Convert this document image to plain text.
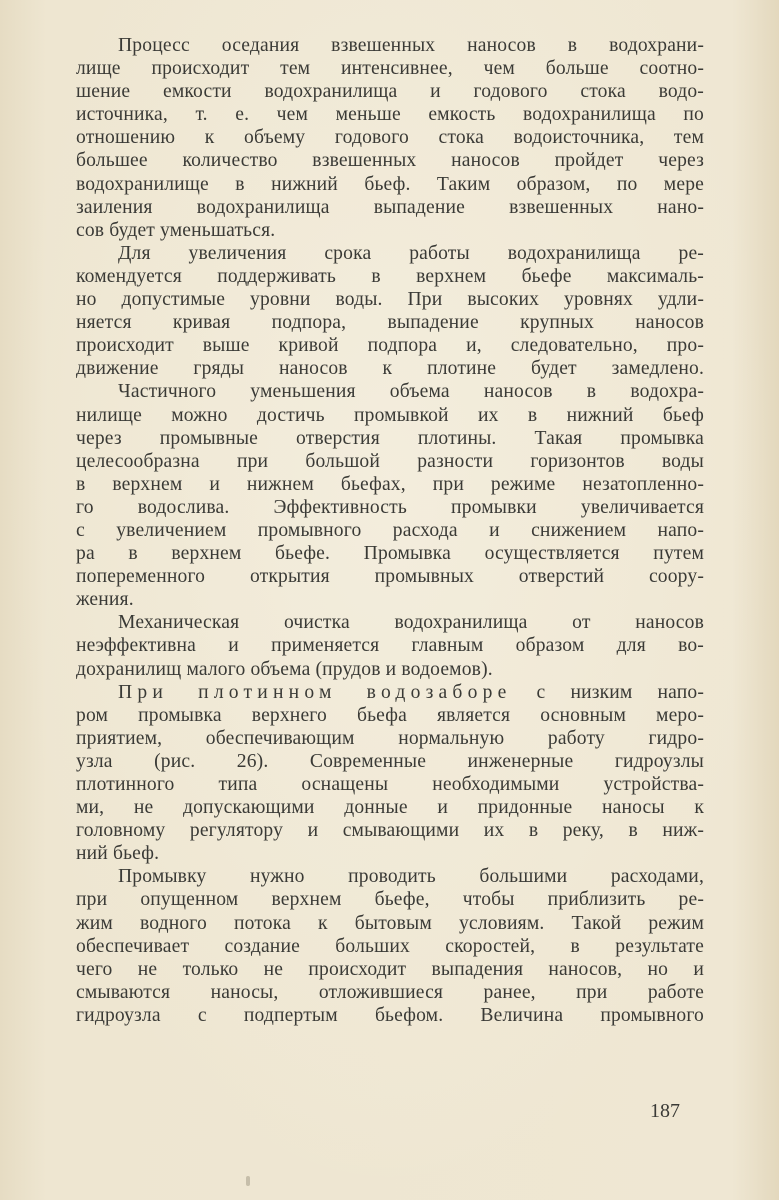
Процесс оседания взвешенных наносов в водохрани-
лище происходит тем интенсивнее, чем больше соотно-
шение емкости водохранилища и годового стока водо-
источника, т. е. чем меньше емкость водохранилища по
отношению к объему годового стока водоисточника, тем
большее количество взвешенных наносов пройдет через
водохранилище в нижний бьеф. Таким образом, по мере
заиления водохранилища выпадение взвешенных нано-
сов будет уменьшаться.
Для увеличения срока работы водохранилища ре-
комендуется поддерживать в верхнем бьефе максималь-
но допустимые уровни воды. При высоких уровнях удли-
няется кривая подпора, выпадение крупных наносов
происходит выше кривой подпора и, следовательно, про-
движение гряды наносов к плотине будет замедлено.
Частичного уменьшения объема наносов в водохра-
нилище можно достичь промывкой их в нижний бьеф
через промывные отверстия плотины. Такая промывка
целесообразна при большой разности горизонтов воды
в верхнем и нижнем бьефах, при режиме незатопленно-
го водослива. Эффективность промывки увеличивается
с увеличением промывного расхода и снижением напо-
ра в верхнем бьефе. Промывка осуществляется путем
попеременного открытия промывных отверстий соору-
жения.
Механическая очистка водохранилища от наносов
неэффективна и применяется главным образом для во-
дохранилищ малого объема (прудов и водоемов).
При плотинном водозаборе с низким напо-
ром промывка верхнего бьефа является основным меро-
приятием, обеспечивающим нормальную работу гидро-
узла (рис. 26). Современные инженерные гидроузлы
плотинного типа оснащены необходимыми устройства-
ми, не допускающими донные и придонные наносы к
головному регулятору и смывающими их в реку, в ниж-
ний бьеф.
Промывку нужно проводить большими расходами,
при опущенном верхнем бьефе, чтобы приблизить ре-
жим водного потока к бытовым условиям. Такой режим
обеспечивает создание больших скоростей, в результате
чего не только не происходит выпадения наносов, но и
смываются наносы, отложившиеся ранее, при работе
гидроузла с подпертым бьефом. Величина промывного
187
